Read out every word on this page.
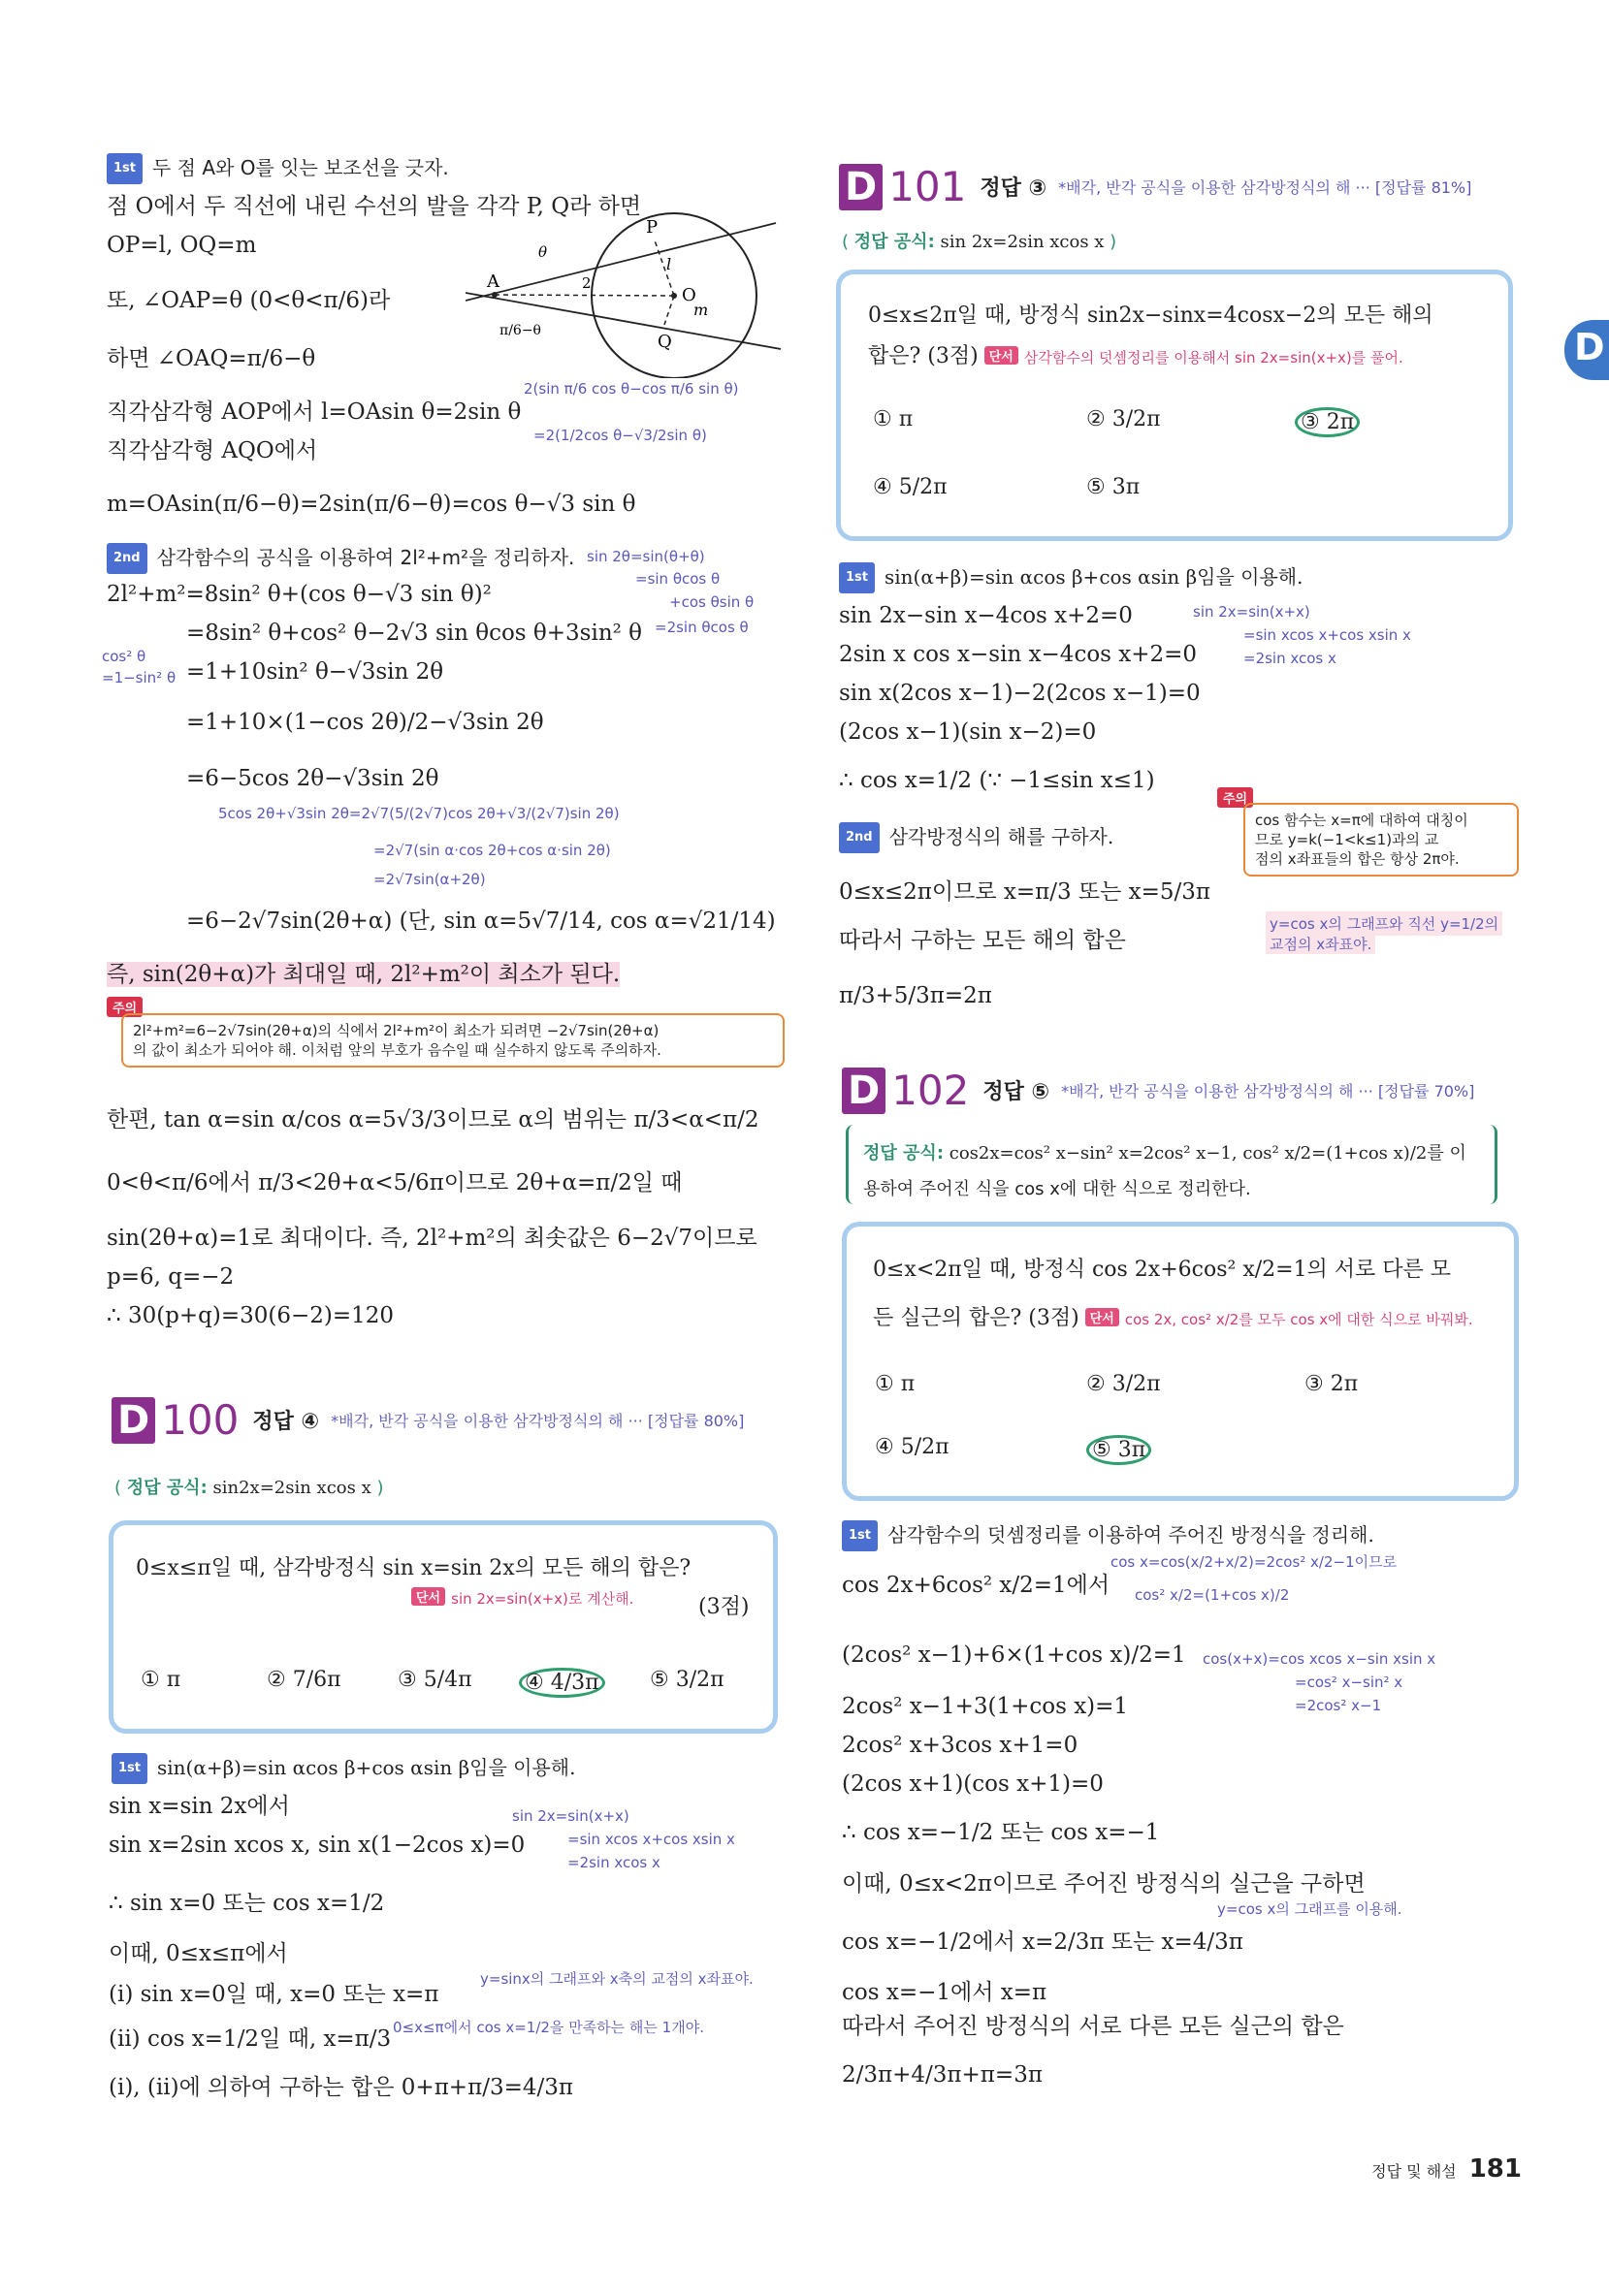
1st 두 점 A와 O를 잇는 보조선을 긋자.
점 O에서 두 직선에 내린 수선의 발을 각각 P, Q라 하면
OP=l, OQ=m
또, ∠OAP=θ (0<θ<π/6)라
하면 ∠OAQ=π/6−θ
직각삼각형 AOP에서 l=OAsin θ=2sin θ
직각삼각형 AQO에서
m=OAsin(π/6−θ)=2sin(π/6−θ)=cos θ−√3 sin θ
2(sin π/6 cos θ−cos π/6 sin θ)
=2(1/2cos θ−√3/2sin θ)
A
O
P
Q
l
m
2
θ
π/6−θ
2nd 삼각함수의 공식을 이용하여 2l²+m²을 정리하자. sin 2θ=sin(θ+θ)
=sin θcos θ
+cos θsin θ
=2sin θcos θ
2l²+m²=8sin² θ+(cos θ−√3 sin θ)²
=8sin² θ+cos² θ−2√3 sin θcos θ+3sin² θ
cos² θ
=1−sin² θ =1+10sin² θ−√3sin 2θ
=1+10×(1−cos 2θ)/2−√3sin 2θ
=6−5cos 2θ−√3sin 2θ
5cos 2θ+√3sin 2θ=2√7(5/(2√7)cos 2θ+√3/(2√7)sin 2θ)
=2√7(sin α·cos 2θ+cos α·sin 2θ)
=2√7sin(α+2θ)
=6−2√7sin(2θ+α) (단, sin α=5√7/14, cos α=√21/14)
즉, sin(2θ+α)가 최대일 때, 2l²+m²이 최소가 된다.
주의
2l²+m²=6−2√7sin(2θ+α)의 식에서 2l²+m²이 최소가 되려면 −2√7sin(2θ+α)
의 값이 최소가 되어야 해. 이처럼 앞의 부호가 음수일 때 실수하지 않도록 주의하자.
한편, tan α=sin α/cos α=5√3/3이므로 α의 범위는 π/3<α<π/2
0<θ<π/6에서 π/3<2θ+α<5/6π이므로 2θ+α=π/2일 때
sin(2θ+α)=1로 최대이다. 즉, 2l²+m²의 최솟값은 6−2√7이므로
p=6, q=−2
∴ 30(p+q)=30(6−2)=120
D 100 정답 ④ *배각, 반각 공식을 이용한 삼각방정식의 해 ··· [정답률 80%]
( 정답 공식: sin2x=2sin xcos x )
0≤x≤π일 때, 삼각방정식 sin x=sin 2x의 모든 해의 합은?
단서 sin 2x=sin(x+x)로 계산해.	(3점)
① π	② 7/6π	③ 5/4π ④ 4/3π ⑤ 3/2π
1st sin(α+β)=sin αcos β+cos αsin β임을 이용해.
sin x=sin 2x에서
sin x=2sin xcos x, sin x(1−2cos x)=0
sin 2x=sin(x+x)
=sin xcos x+cos xsin x
=2sin xcos x
∴ sin x=0 또는 cos x=1/2
이때, 0≤x≤π에서
(i) sin x=0일 때, x=0 또는 x=π
y=sinx의 그래프와 x축의 교점의 x좌표야.
(ii) cos x=1/2일 때, x=π/3 0≤x≤π에서 cos x=1/2을 만족하는 해는 1개야.
(i), (ii)에 의하여 구하는 합은 0+π+π/3=4/3π
D 101 정답 ③ *배각, 반각 공식을 이용한 삼각방정식의 해 ··· [정답률 81%]
( 정답 공식: sin 2x=2sin xcos x )
0≤x≤2π일 때, 방정식 sin2x−sinx=4cosx−2의 모든 해의
합은? (3점) 단서 삼각함수의 덧셈정리를 이용해서 sin 2x=sin(x+x)를 풀어.
① π	② 3/2π	③ 2π
④ 5/2π	⑤ 3π
1st sin(α+β)=sin αcos β+cos αsin β임을 이용해.
sin 2x−sin x−4cos x+2=0	sin 2x=sin(x+x)
=sin xcos x+cos xsin x
=2sin xcos x
2sin x cos x−sin x−4cos x+2=0
sin x(2cos x−1)−2(2cos x−1)=0
(2cos x−1)(sin x−2)=0
∴ cos x=1/2 (∵ −1≤sin x≤1)
주의
cos 함수는 x=π에 대하여 대칭이
므로 y=k(−1<k≤1)과의 교
점의 x좌표들의 합은 항상 2π야.
2nd 삼각방정식의 해를 구하자.
0≤x≤2π이므로 x=π/3 또는 x=5/3π
y=cos x의 그래프와 직선 y=1/2의
교점의 x좌표야.
따라서 구하는 모든 해의 합은
π/3+5/3π=2π
D 102 정답 ⑤ *배각, 반각 공식을 이용한 삼각방정식의 해 ··· [정답률 70%]
정답 공식: cos2x=cos² x−sin² x=2cos² x−1, cos² x/2=(1+cos x)/2를 이
용하여 주어진 식을 cos x에 대한 식으로 정리한다.
0≤x<2π일 때, 방정식 cos 2x+6cos² x/2=1의 서로 다른 모
든 실근의 합은? (3점) 단서 cos 2x, cos² x/2를 모두 cos x에 대한 식으로 바꿔봐.
① π	② 3/2π	③ 2π
④ 5/2π	⑤ 3π
1st 삼각함수의 덧셈정리를 이용하여 주어진 방정식을 정리해.
cos x=cos(x/2+x/2)=2cos² x/2−1이므로
cos 2x+6cos² x/2=1에서 cos² x/2=(1+cos x)/2
(2cos² x−1)+6×(1+cos x)/2=1 cos(x+x)=cos xcos x−sin xsin x
=cos² x−sin² x
=2cos² x−1
2cos² x−1+3(1+cos x)=1
2cos² x+3cos x+1=0
(2cos x+1)(cos x+1)=0
∴ cos x=−1/2 또는 cos x=−1
이때, 0≤x<2π이므로 주어진 방정식의 실근을 구하면
y=cos x의 그래프를 이용해.
cos x=−1/2에서 x=2/3π 또는 x=4/3π
cos x=−1에서 x=π
따라서 주어진 방정식의 서로 다른 모든 실근의 합은
2/3π+4/3π+π=3π
D
정답 및 해설 181
